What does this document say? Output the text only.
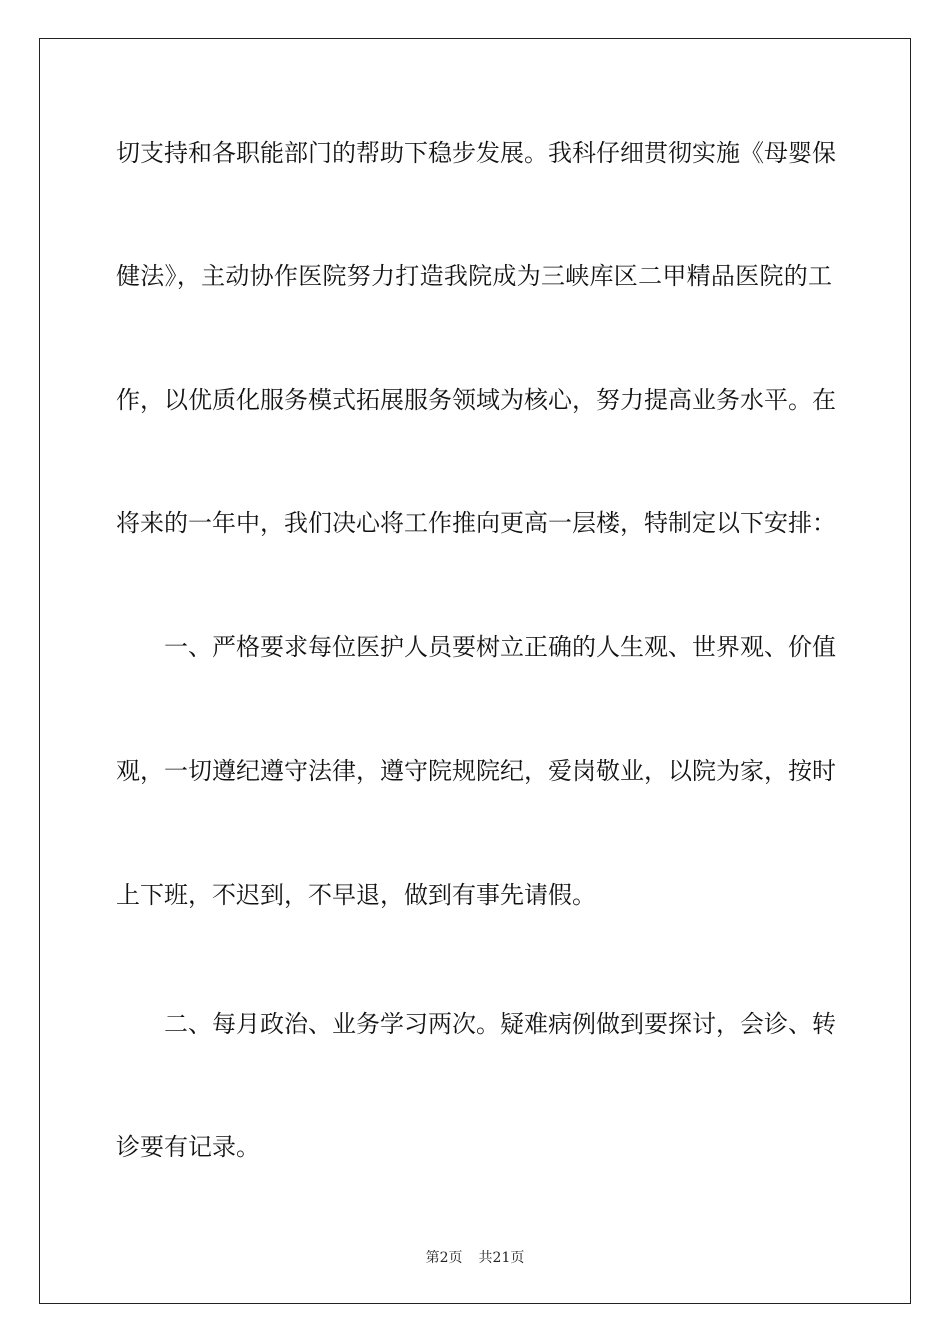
切支持和各职能部门的帮助下稳步发展。我科仔细贯彻实施《母婴保
健法》，主动协作医院努力打造我院成为三峡库区二甲精品医院的工
作，以优质化服务模式拓展服务领域为核心，努力提高业务水平。在
将来的一年中，我们决心将工作推向更高一层楼，特制定以下安排：
一、严格要求每位医护人员要树立正确的人生观、世界观、价值
观，一切遵纪遵守法律，遵守院规院纪，爱岗敬业，以院为家，按时
上下班，不迟到，不早退，做到有事先请假。
二、每月政治、业务学习两次。疑难病例做到要探讨，会诊、转
诊要有记录。
第2页 共21页
